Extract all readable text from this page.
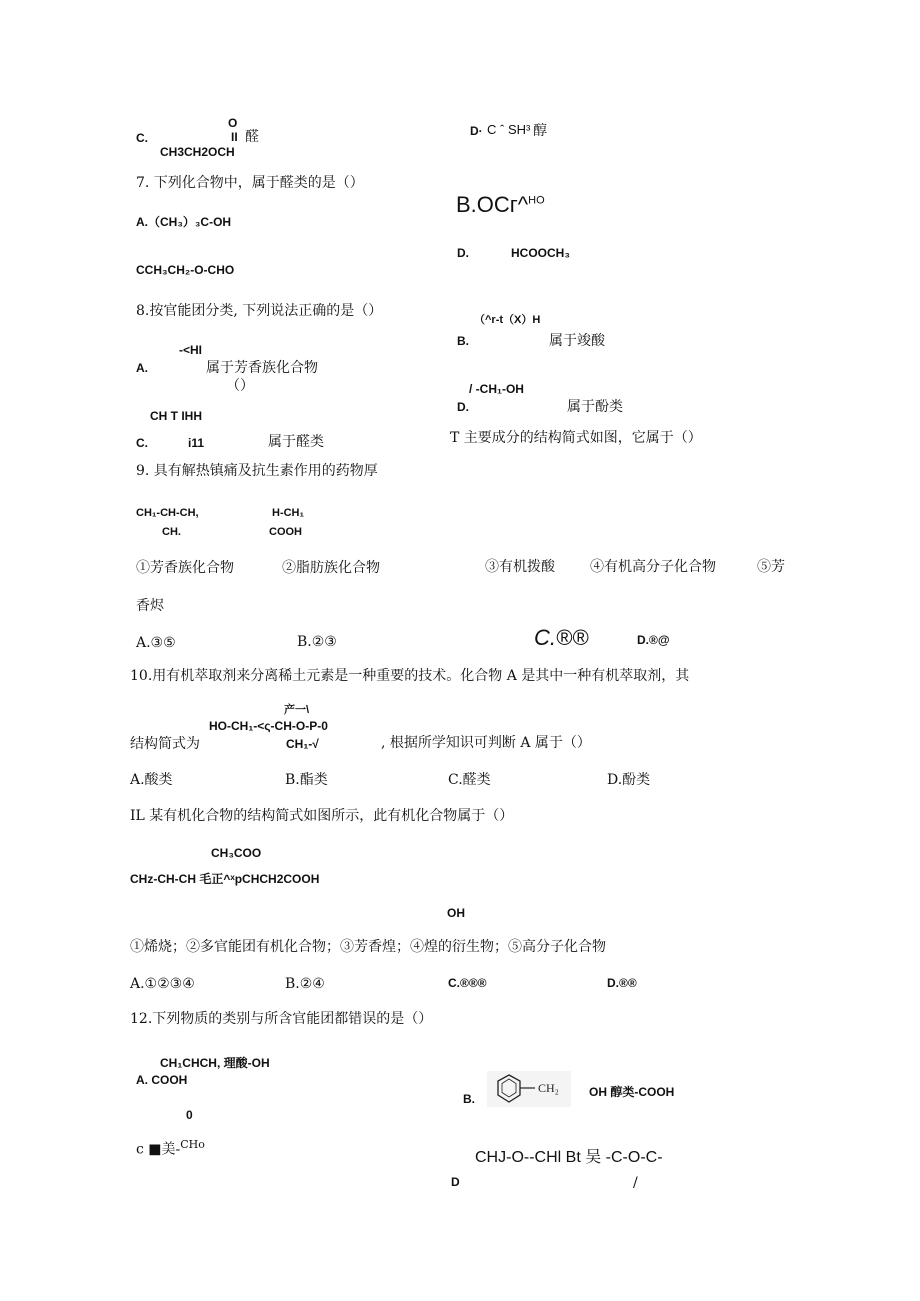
O
C.	II 醛
CH3CH2OCH
D· C ˆ SH³ 醇
7. 下列化合物中，属于醛类的是（）
B.OCг^$^{HO}$
A.（CH₃）₃C-OH
D.	HCOOCH₃
CCH₃CH₂-O-CHO
8.按官能团分类, 下列说法正确的是（）
（^r-t（X）H
B.	属于竣酸
-<HI
A.	属于芳香族化合物
（）	/ -CH₁-OH
D.	属于酚类
CH T IHH
C.	i11	属于醛类	T 主要成分的结构简式如图，它属于（）
9. 具有解热镇痛及抗生素作用的药物厚
CH₁-CH-CH,	H-CH₁
CH.	COOH
①芳香族化合物	②脂肪族化合物	③有机拨酸	④有机高分子化合物	⑤芳
香烬
A.③⑤	B.②③	C.®®	D.®@
10.用有机萃取剂来分离稀土元素是一种重要的技术。化合物 A 是其中一种有机萃取剂，其
产一\
HO-CH₁-<ς-CH-O-P-0
结构简式为	CH₁-√	, 根据所学知识可判断 A 属于（）
A.酸类	B.酯类	C.醛类	D.酚类
IL 某有机化合物的结构简式如图所示，此有机化合物属于（）
CH₃COO
CHz-CH-CH 毛正^ˣpCHCH2COOH
OH
①烯烧；②多官能团有机化合物；③芳香煌；④煌的衍生物；⑤高分子化合物
A.①②③④	B.②④	C.®®®	D.®®
12.下列物质的类别与所含官能团都错误的是（）
CH₁CHCH, 理酸-OH
A. COOH
CH₂	OH 醇类-COOH
B.
0
c ■美-$^{CHo}$
CHJ-O--CHl Bt 吴 -C-O-C-
D	/
